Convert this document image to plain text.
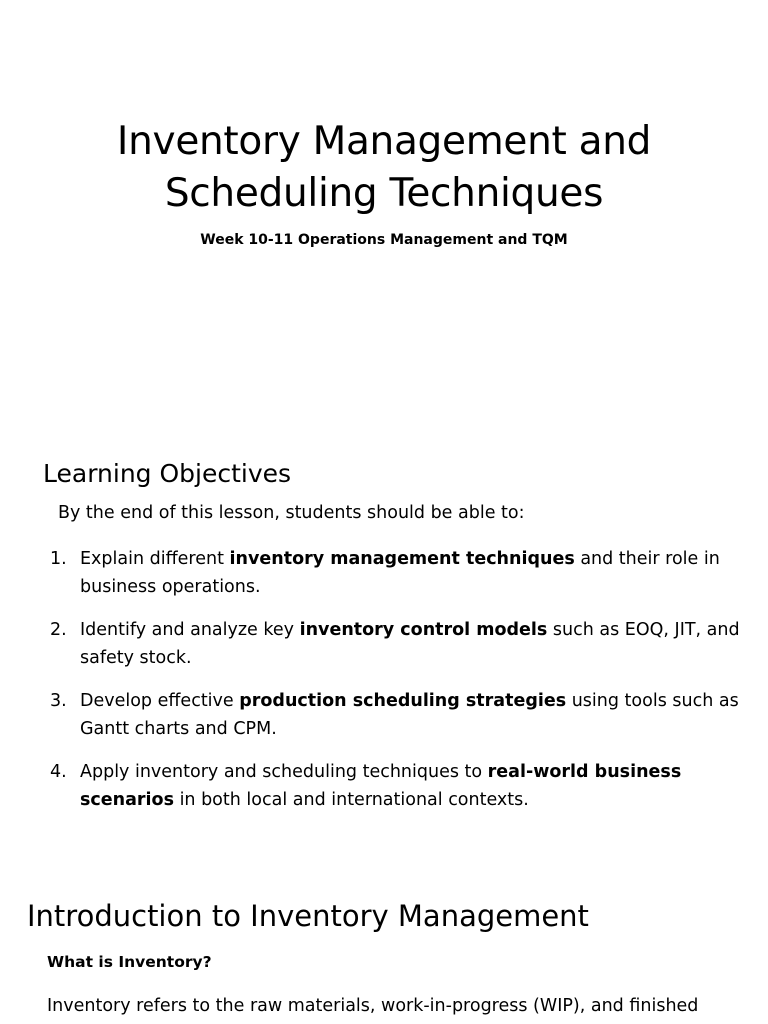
Inventory Management and
Scheduling Techniques

Week 10-11 Operations Management and TQM

Learning Objectives

By the end of this lesson, students should be able to:

1. Explain different inventory management techniques and their role in business operations.
2. Identify and analyze key inventory control models such as EOQ, JIT, and safety stock.
3. Develop effective production scheduling strategies using tools such as Gantt charts and CPM.
4. Apply inventory and scheduling techniques to real-world business scenarios in both local and international contexts.
Introduction to Inventory Management

What is Inventory?

Inventory refers to the raw materials, work-in-progress (WIP), and finished
